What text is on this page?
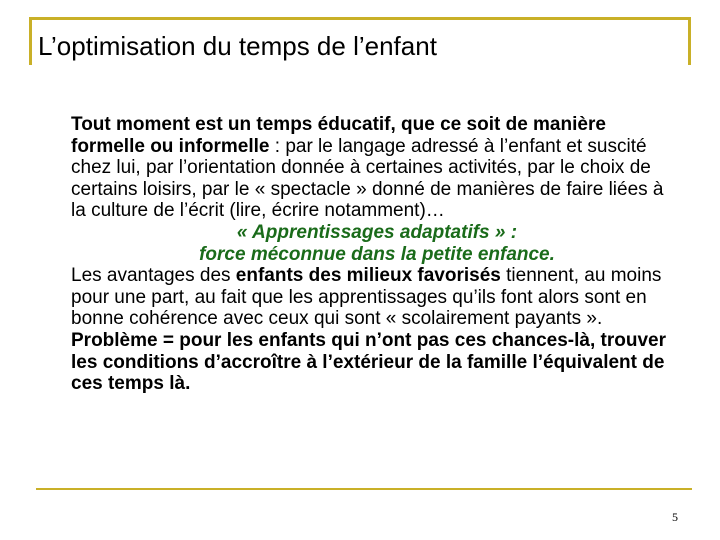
L’optimisation du temps de l’enfant

Tout moment est un temps éducatif, que ce soit de manière formelle ou informelle : par le langage adressé à l’enfant et suscité chez lui, par l’orientation donnée à certaines activités, par le choix de certains loisirs, par le « spectacle » donné de manières de faire liées à la culture de l’écrit (lire, écrire notamment)…

« Apprentissages adaptatifs » :

force méconnue dans la petite enfance.

Les avantages des enfants des milieux favorisés tiennent, au moins pour une part, au fait que les apprentissages qu’ils font alors sont en bonne cohérence avec ceux qui sont « scolairement payants ».

Problème = pour les enfants qui n’ont pas ces chances-là, trouver les conditions d’accroître à l’extérieur de la famille l’équivalent de ces temps là.

5
